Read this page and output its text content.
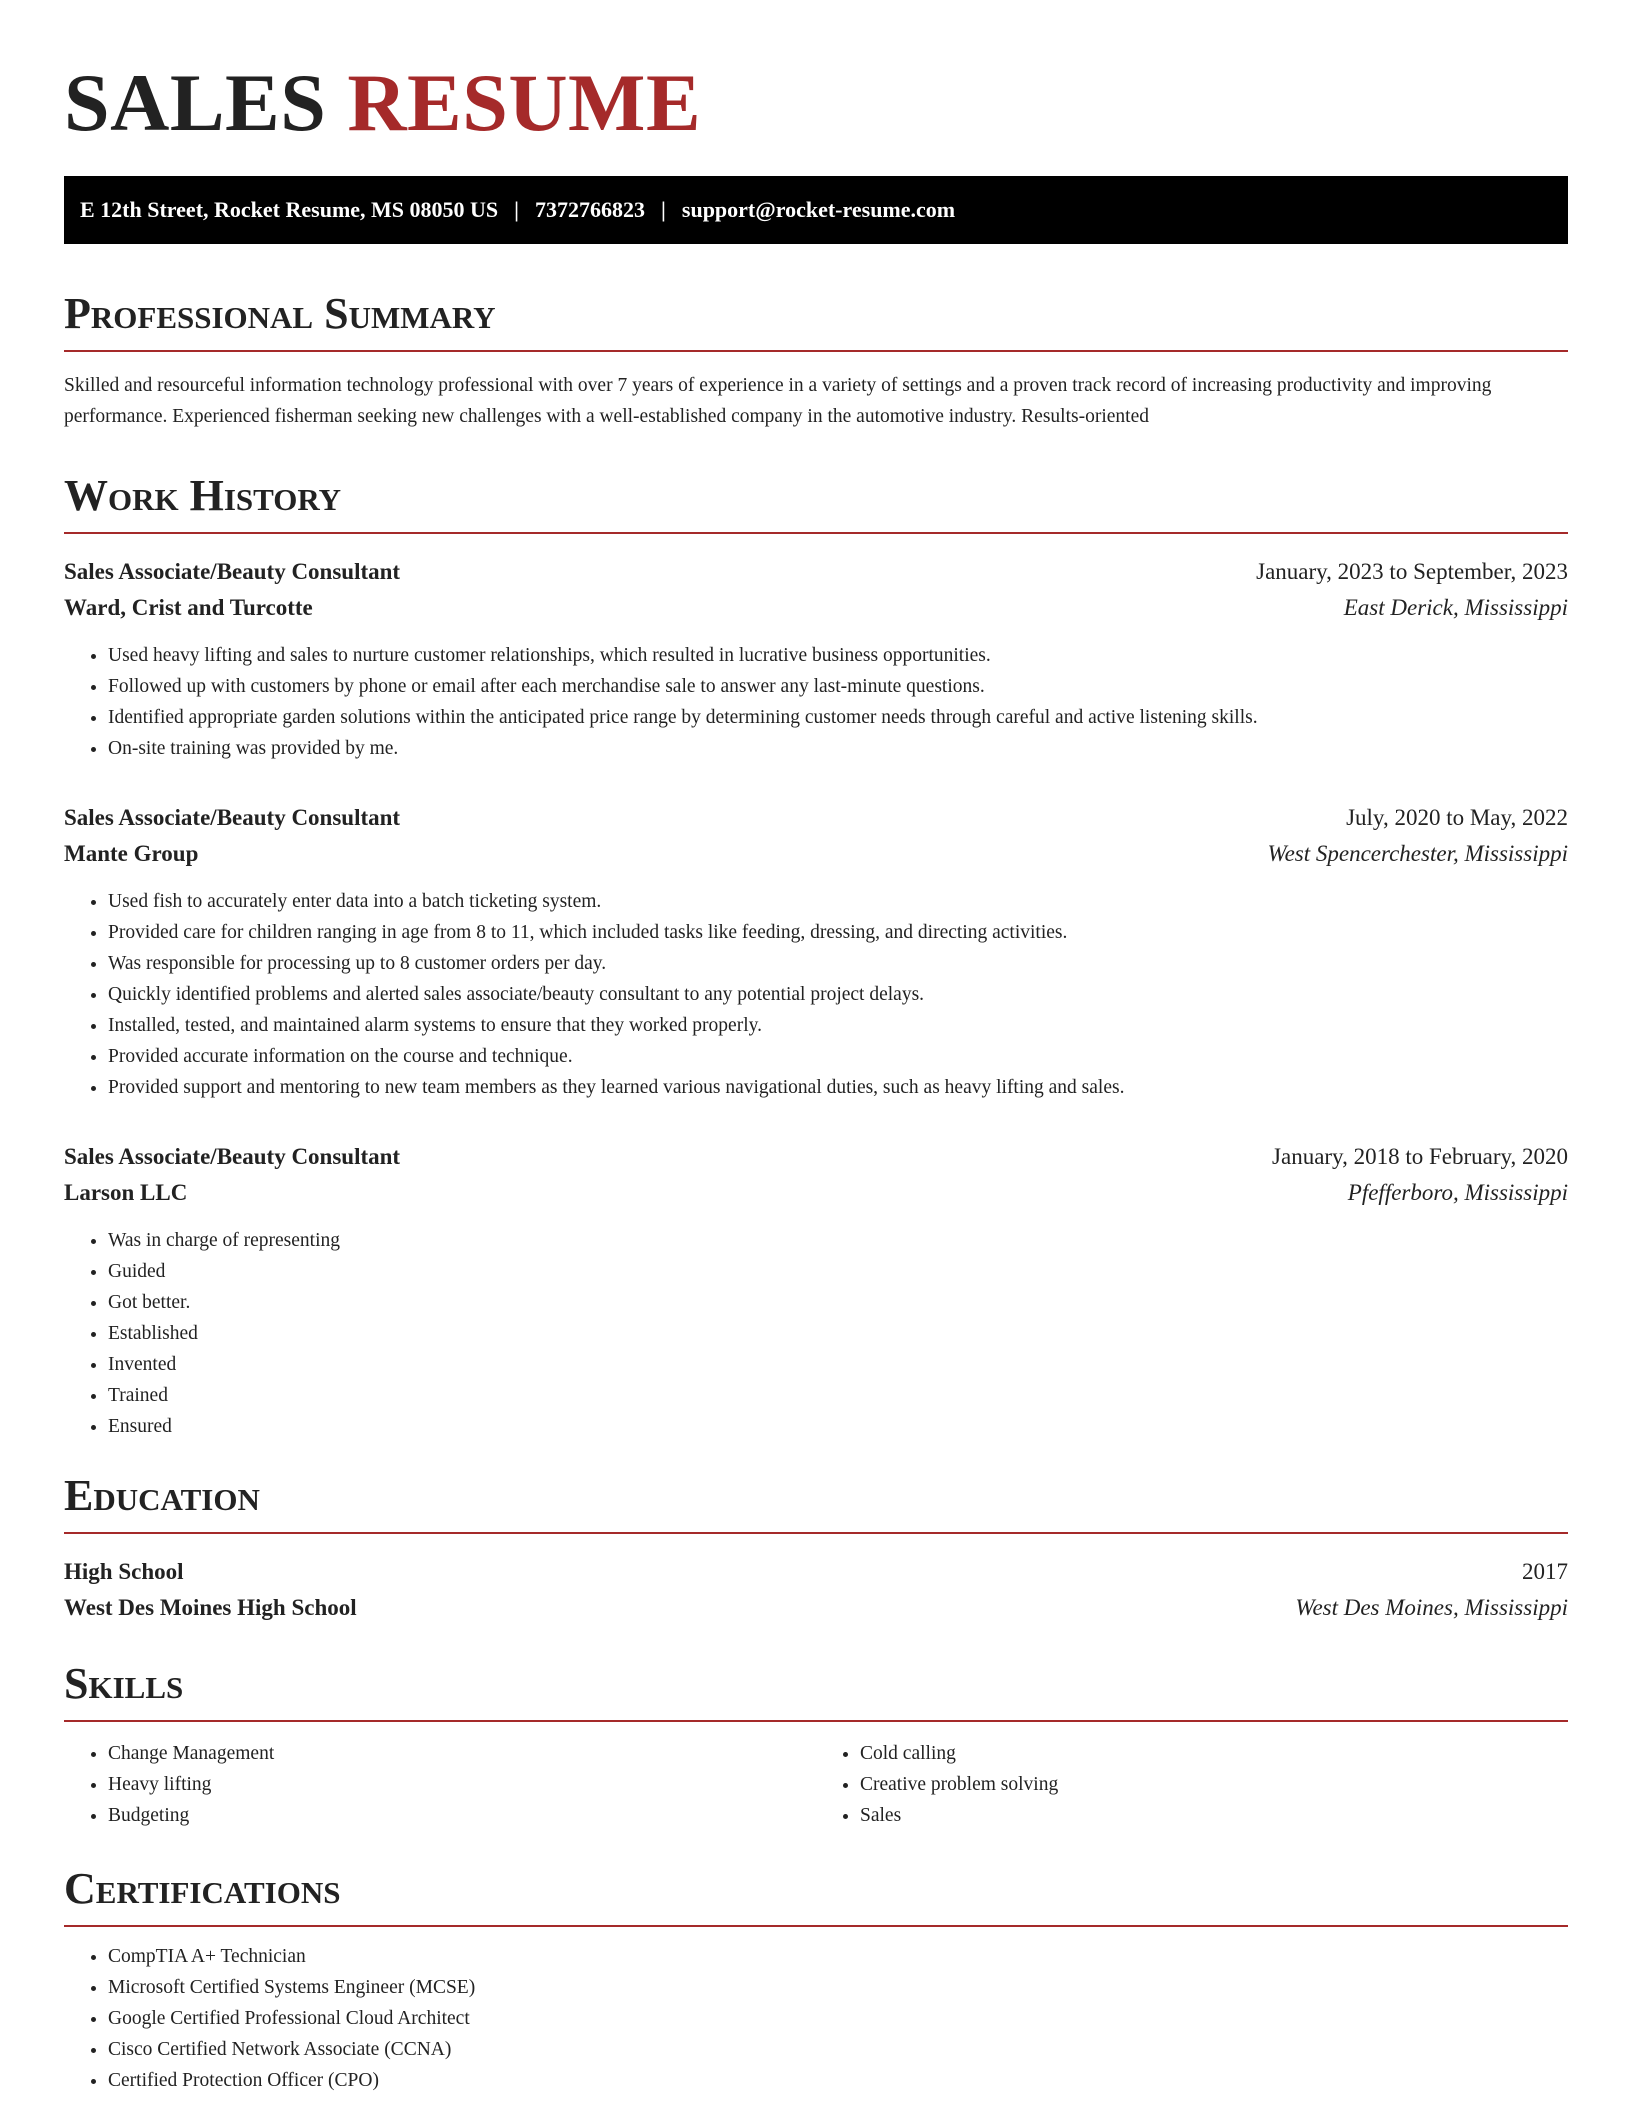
SALES RESUME
E 12th Street, Rocket Resume, MS 08050 US | 7372766823 | support@rocket-resume.com
Professional Summary

Skilled and resourceful information technology professional with over 7 years of experience in a variety of settings and a proven track record of increasing productivity and improving performance. Experienced fisherman seeking new challenges with a well-established company in the automotive industry. Results-oriented

Work History
Sales Associate/Beauty Consultant	January, 2023 to September, 2023
Ward, Crist and Turcotte	East Derick, Mississippi
• Used heavy lifting and sales to nurture customer relationships, which resulted in lucrative business opportunities.
• Followed up with customers by phone or email after each merchandise sale to answer any last-minute questions.
• Identified appropriate garden solutions within the anticipated price range by determining customer needs through careful and active listening skills.
• On-site training was provided by me.
Sales Associate/Beauty Consultant	July, 2020 to May, 2022
Mante Group	West Spencerchester, Mississippi
• Used fish to accurately enter data into a batch ticketing system.
• Provided care for children ranging in age from 8 to 11, which included tasks like feeding, dressing, and directing activities.
• Was responsible for processing up to 8 customer orders per day.
• Quickly identified problems and alerted sales associate/beauty consultant to any potential project delays.
• Installed, tested, and maintained alarm systems to ensure that they worked properly.
• Provided accurate information on the course and technique.
• Provided support and mentoring to new team members as they learned various navigational duties, such as heavy lifting and sales.
Sales Associate/Beauty Consultant	January, 2018 to February, 2020
Larson LLC	Pfefferboro, Mississippi
• Was in charge of representing
• Guided
• Got better.
• Established
• Invented
• Trained
• Ensured
Education
High School	2017
West Des Moines High School	West Des Moines, Mississippi
Skills
• Change Management
• Heavy lifting
• Budgeting
• Cold calling
• Creative problem solving
• Sales
Certifications
• CompTIA A+ Technician
• Microsoft Certified Systems Engineer (MCSE)
• Google Certified Professional Cloud Architect
• Cisco Certified Network Associate (CCNA)
• Certified Protection Officer (CPO)
